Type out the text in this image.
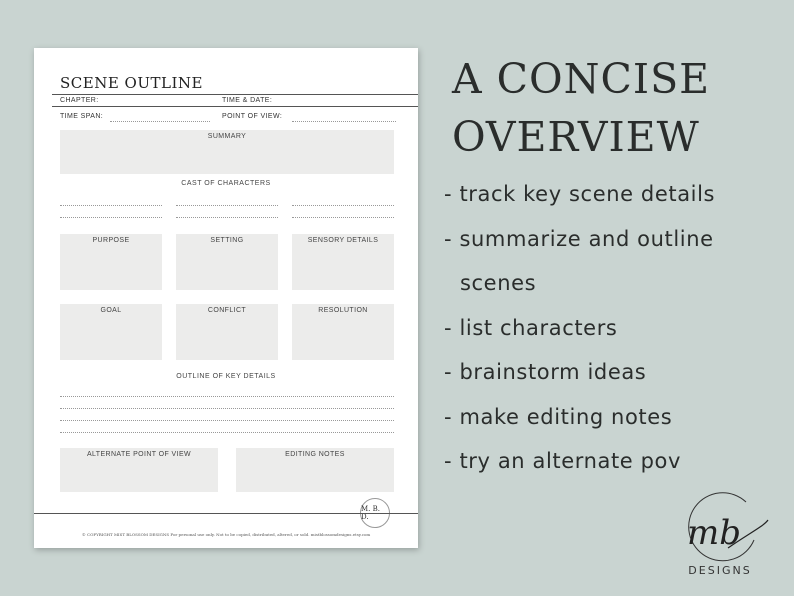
SCENE OUTLINE
CHAPTER:	TIME & DATE:
TIME SPAN:	POINT OF VIEW:
SUMMARY
CAST OF CHARACTERS
PURPOSE	SETTING	SENSORY DETAILS
GOAL	CONFLICT	RESOLUTION
OUTLINE OF KEY DETAILS
ALTERNATE POINT OF VIEW	EDITING NOTES
M. B. D.
© COPYRIGHT MIST BLOSSOM DESIGNS For personal use only. Not to be copied, distributed, altered, or sold. mistblossomdesigns.etsy.com
A CONCISE
OVERVIEW
- track key scene details
- summarize and outline
scenes
- list characters
- brainstorm ideas
- make editing notes
- try an alternate pov
mb
DESIGNS
